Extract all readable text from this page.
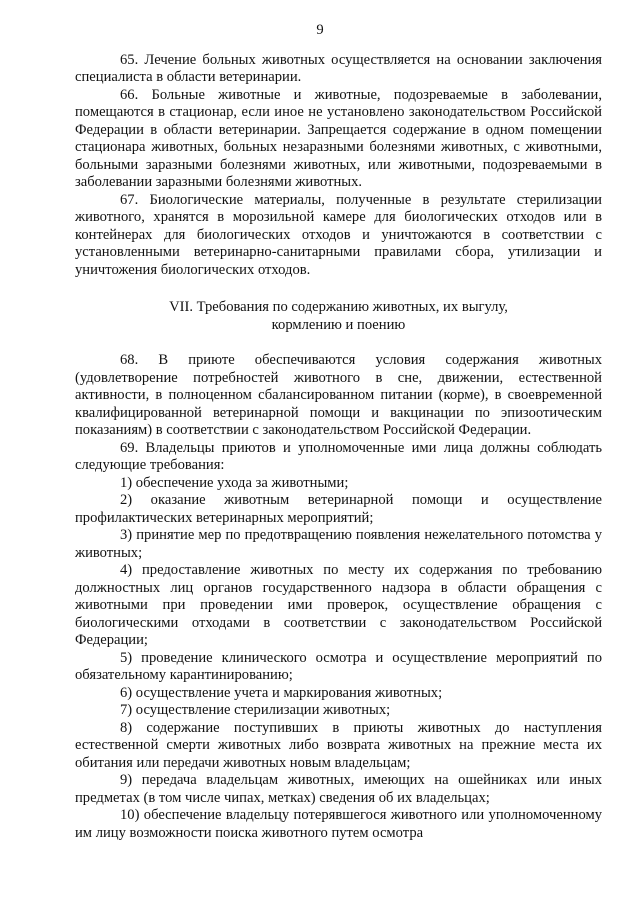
9

65. Лечение больных животных осуществляется на основании заключения специалиста в области ветеринарии.

66. Больные животные и животные, подозреваемые в заболевании, помещаются в стационар, если иное не установлено законодательством Российской Федерации в области ветеринарии. Запрещается содержание в одном помещении стационара животных, больных незаразными болезнями животных, с животными, больными заразными болезнями животных, или животными, подозреваемыми в заболевании заразными болезнями животных.

67. Биологические материалы, полученные в результате стерилизации животного, хранятся в морозильной камере для биологических отходов или в контейнерах для биологических отходов и уничтожаются в соответствии с установленными ветеринарно-санитарными правилами сбора, утилизации и уничтожения биологических отходов.

VII. Требования по содержанию животных, их выгулу,
кормлению и поению

68. В приюте обеспечиваются условия содержания животных (удовлетворение потребностей животного в сне, движении, естественной активности, в полноценном сбалансированном питании (корме), в своевременной квалифицированной ветеринарной помощи и вакцинации по эпизоотическим показаниям) в соответствии с законодательством Российской Федерации.

69. Владельцы приютов и уполномоченные ими лица должны соблюдать следующие требования:

1) обеспечение ухода за животными;

2) оказание животным ветеринарной помощи и осуществление профилактических ветеринарных мероприятий;

3) принятие мер по предотвращению появления нежелательного потомства у животных;

4) предоставление животных по месту их содержания по требованию должностных лиц органов государственного надзора в области обращения с животными при проведении ими проверок, осуществление обращения с биологическими отходами в соответствии с законодательством Российской Федерации;

5) проведение клинического осмотра и осуществление мероприятий по обязательному карантинированию;

6) осуществление учета и маркирования животных;

7) осуществление стерилизации животных;

8) содержание поступивших в приюты животных до наступления естественной смерти животных либо возврата животных на прежние места их обитания или передачи животных новым владельцам;

9) передача владельцам животных, имеющих на ошейниках или иных предметах (в том числе чипах, метках) сведения об их владельцах;

10) обеспечение владельцу потерявшегося животного или уполномоченному им лицу возможности поиска животного путем осмотра
